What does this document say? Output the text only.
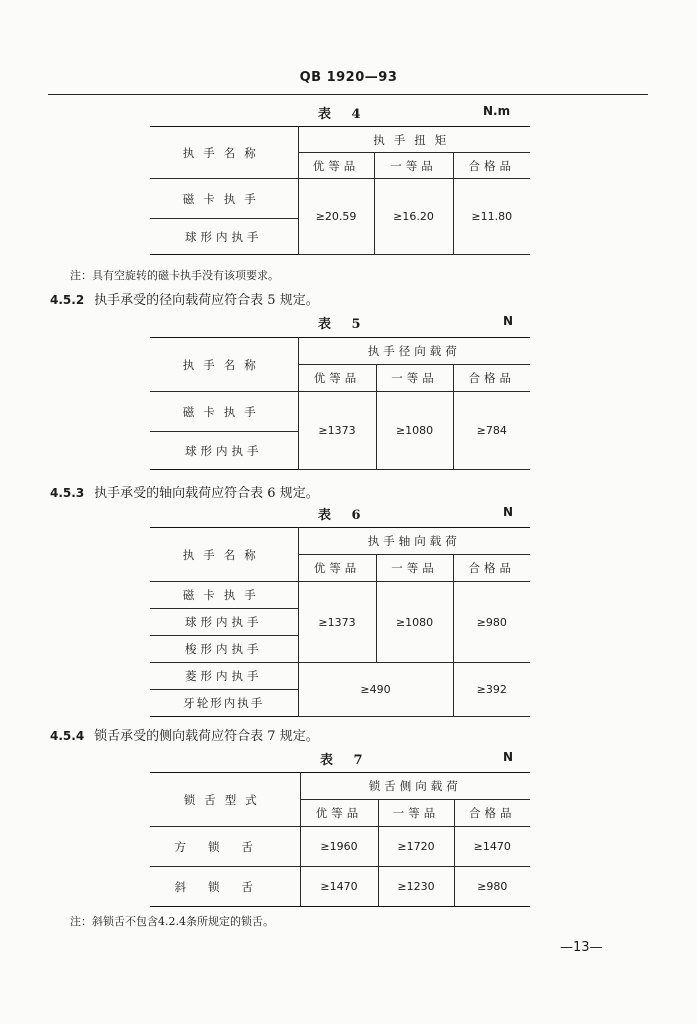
QB 1920—93
表 4	N.m
执手名称	执手扭矩		
	优等品	一等品	合格品
磁卡执手	≥20.59	≥16.20	≥11.80
球形内执手			
注：具有空旋转的磁卡执手没有该项要求。
4.5.2 执手承受的径向载荷应符合表 5 规定。
表 5	N
执手名称	执手径向载荷		
	优等品	一等品	合格品
磁卡执手	≥1373	≥1080	≥784
球形内执手			
4.5.3 执手承受的轴向载荷应符合表 6 规定。
表 6	N
执手名称	执手轴向载荷		
	优等品	一等品	合格品
磁卡执手	≥1373	≥1080	≥980
球形内执手			
梭形内执手			
菱形内执手	≥490		≥392
牙轮形内执手			
4.5.4 锁舌承受的侧向载荷应符合表 7 规定。
表 7	N
锁舌型式	锁舌侧向载荷		
	优等品	一等品	合格品
方锁舌	≥1960	≥1720	≥1470
斜锁舌	≥1470	≥1230	≥980
注：斜锁舌不包含4.2.4条所规定的锁舌。
—13—
